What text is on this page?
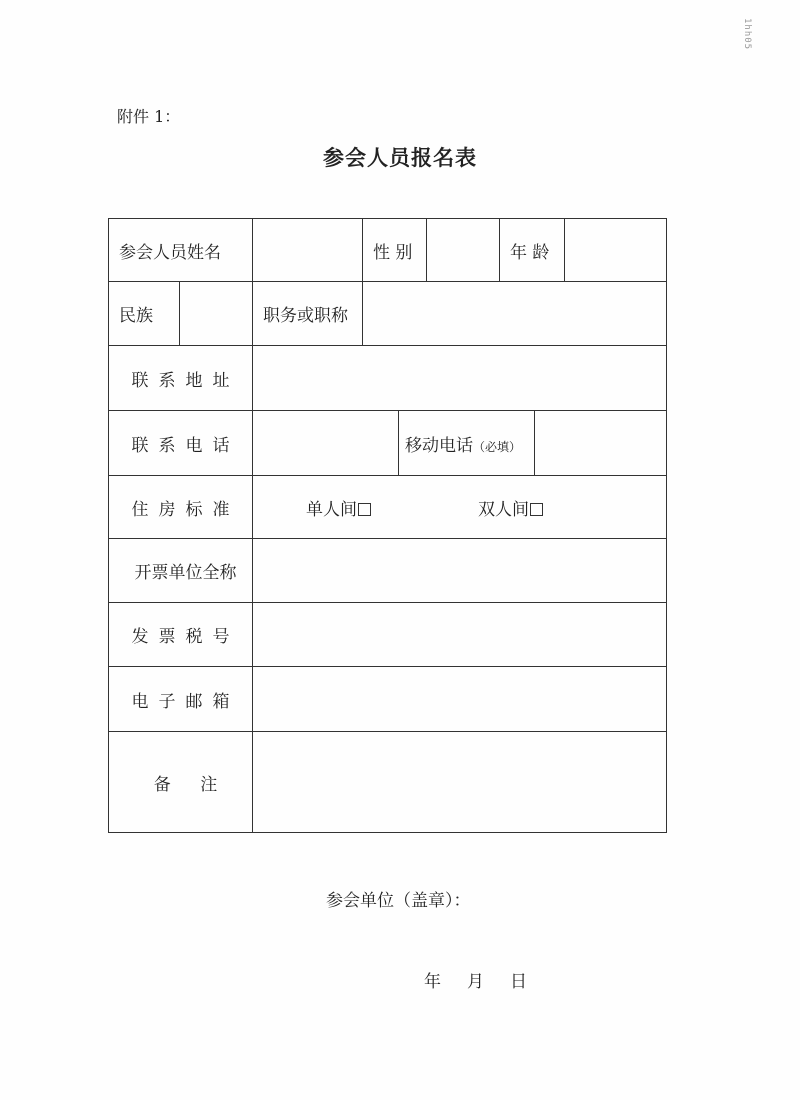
1hh05
附件 1：
参会人员报名表
参会人员姓名			性 别			年 龄		
民族		职务或职称						
联系地址								
联系电话				移动电话（必填）				
住房标准		单人间 双人间						
开票单位全称								
发票税号								
电子邮箱								
备 注								
参会单位（盖章）：
年 月 日
